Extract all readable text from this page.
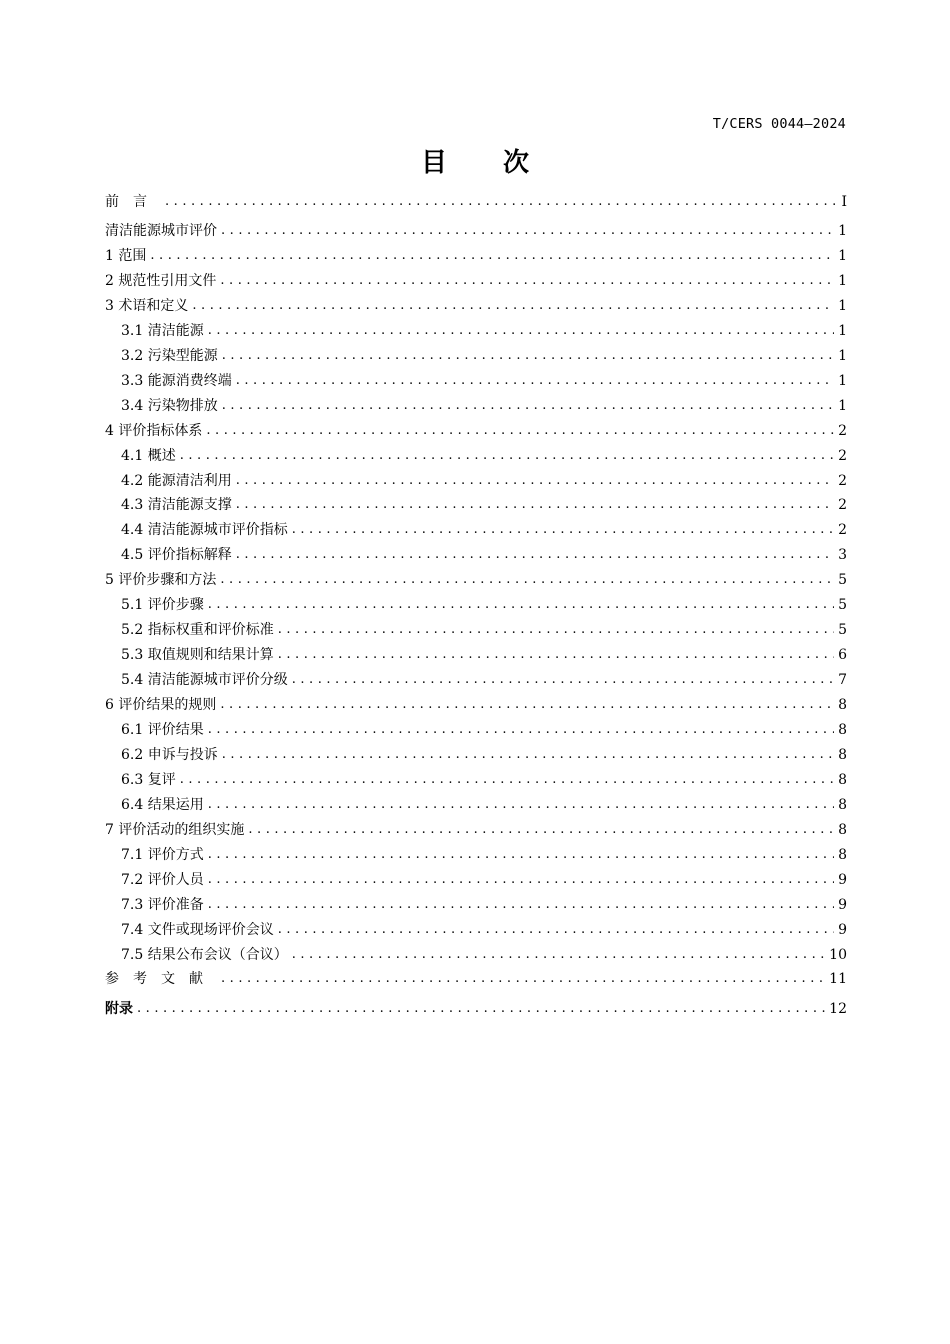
T/CERS 0044—2024
目次
前言 . . .	I
清洁能源城市评价 . . .	1
1 范围 . . .	1
2 规范性引用文件 . . .	1
3 术语和定义 . . .	1
3.1 清洁能源 . . .	1
3.2 污染型能源 . . .	1
3.3 能源消费终端 . . .	1
3.4 污染物排放 . . .	1
4 评价指标体系 . . .	2
4.1 概述 . . .	2
4.2 能源清洁利用 . . .	2
4.3 清洁能源支撑 . . .	2
4.4 清洁能源城市评价指标 . . .	2
4.5 评价指标解释 . . .	3
5 评价步骤和方法 . . .	5
5.1 评价步骤 . . .	5
5.2 指标权重和评价标准 . . .	5
5.3 取值规则和结果计算 . . .	6
5.4 清洁能源城市评价分级 . . .	7
6 评价结果的规则 . . .	8
6.1 评价结果 . . .	8
6.2 申诉与投诉 . . .	8
6.3 复评 . . .	8
6.4 结果运用 . . .	8
7 评价活动的组织实施 . . .	8
7.1 评价方式 . . .	8
7.2 评价人员 . . .	9
7.3 评价准备 . . .	9
7.4 文件或现场评价会议 . . .	9
7.5 结果公布会议（合议） . . .	10
参考文献 . . .	11
附录 . . .	12
